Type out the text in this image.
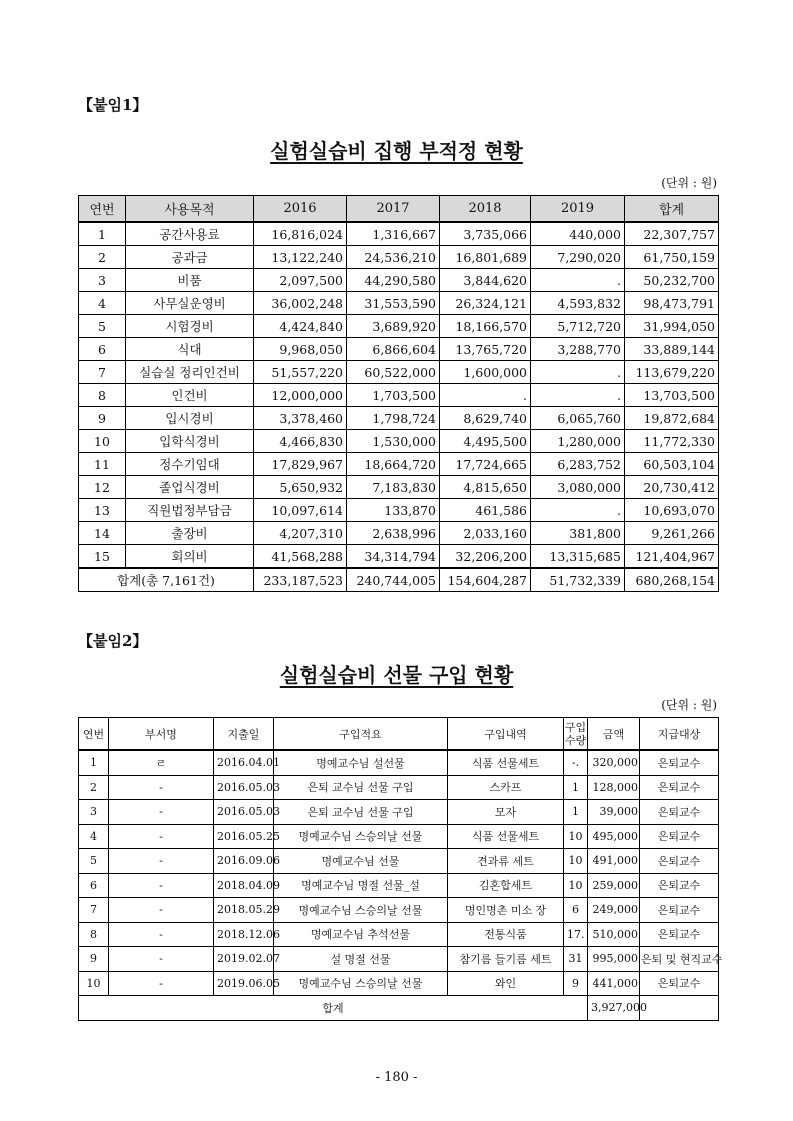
【붙임1】
실험실습비 집행 부적정 현황
(단위 : 원)
연번	사용목적	2016	2017	2018	2019	합계
1	공간사용료	16,816,024	1,316,667	3,735,066	440,000	22,307,757
2	공과금	13,122,240	24,536,210	16,801,689	7,290,020	61,750,159
3	비품	2,097,500	44,290,580	3,844,620	.	50,232,700
4	사무실운영비	36,002,248	31,553,590	26,324,121	4,593,832	98,473,791
5	시험경비	4,424,840	3,689,920	18,166,570	5,712,720	31,994,050
6	식대	9,968,050	6,866,604	13,765,720	3,288,770	33,889,144
7	실습실 정리인건비	51,557,220	60,522,000	1,600,000	.	113,679,220
8	인건비	12,000,000	1,703,500	.	.	13,703,500
9	입시경비	3,378,460	1,798,724	8,629,740	6,065,760	19,872,684
10	입학식경비	4,466,830	1,530,000	4,495,500	1,280,000	11,772,330
11	정수기임대	17,829,967	18,664,720	17,724,665	6,283,752	60,503,104
12	졸업식경비	5,650,932	7,183,830	4,815,650	3,080,000	20,730,412
13	직원법정부담금	10,097,614	133,870	461,586	.	10,693,070
14	출장비	4,207,310	2,638,996	2,033,160	381,800	9,261,266
15	회의비	41,568,288	34,314,794	32,206,200	13,315,685	121,404,967
합계(총 7,161건)		233,187,523	240,744,005	154,604,287	51,732,339	680,268,154
【붙임2】
실험실습비 선물 구입 현황
(단위 : 원)
연번	부서명	지출일	구입적요	구입내역	구입수량	금액	지급대상
1	ㄹ	2016.04.01	명예교수님 설선물	식품 선물세트	-.	320,000	은퇴교수
2	-	2016.05.03	은퇴 교수님 선물 구입	스카프	1	128,000	은퇴교수
3	-	2016.05.03	은퇴 교수님 선물 구입	모자	1	39,000	은퇴교수
4	-	2016.05.25	명예교수님 스승의날 선물	식품 선물세트	10	495,000	은퇴교수
5	-	2016.09.06	명예교수님 선물	견과류 세트	10	491,000	은퇴교수
6	-	2018.04.09	명예교수님 명절 선물_설	김혼합세트	10	259,000	은퇴교수
7	-	2018.05.29	명예교수님 스승의날 선물	명인명촌 미소 장	6	249,000	은퇴교수
8	-	2018.12.06	명예교수님 추석선물	전통식품	17.	510,000	은퇴교수
9	-	2019.02.07	설 명절 선물	참기름 들기름 세트	31	995,000	은퇴 및 현직교수
10	-	2019.06.05	명예교수님 스승의날 선물	와인	9	441,000	은퇴교수
합계						3,927,000	
- 180 -
